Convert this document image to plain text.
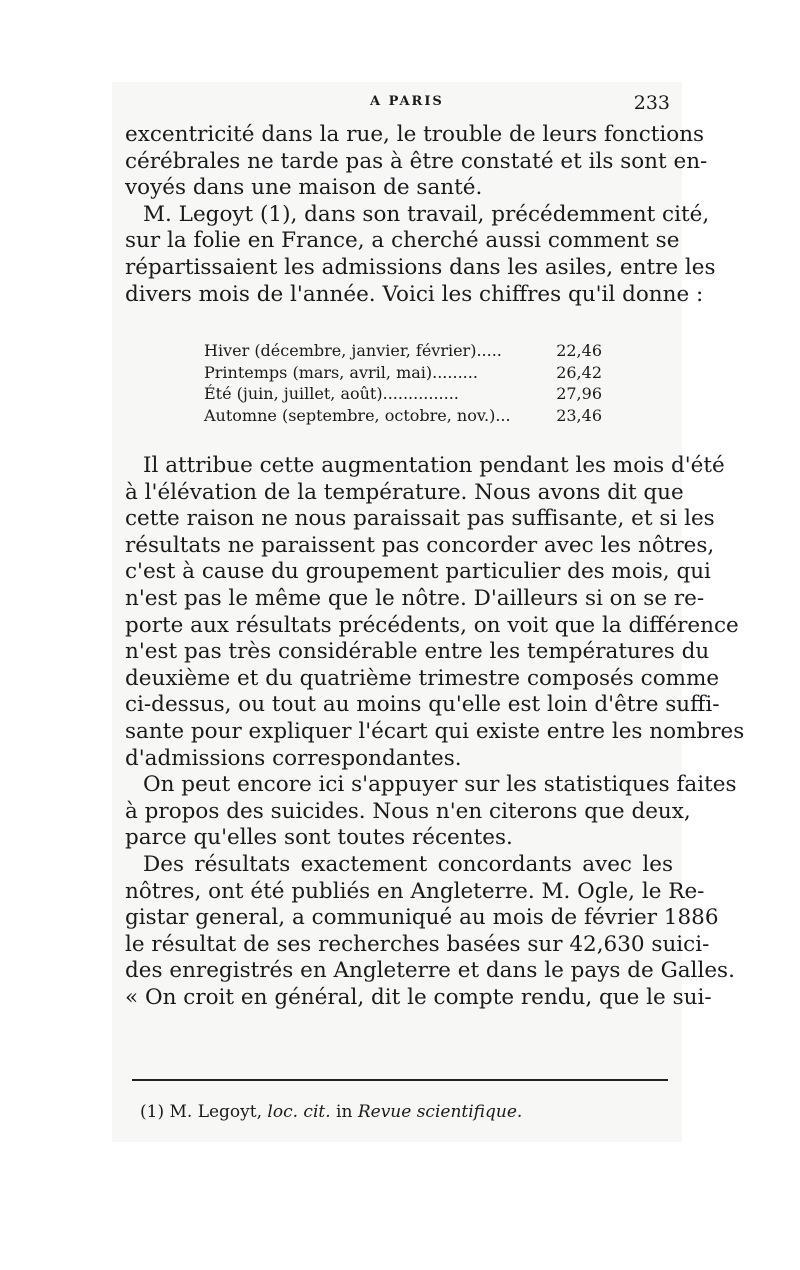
A PARIS	233
excentricité dans la rue, le trouble de leurs fonctions
cérébrales ne tarde pas à être constaté et ils sont en-
voyés dans une maison de santé.
M. Legoyt (1), dans son travail, précédemment cité,
sur la folie en France, a cherché aussi comment se
répartissaient les admissions dans les asiles, entre les
divers mois de l'année. Voici les chiffres qu'il donne :
Hiver (décembre, janvier, février).....	22,46
Printemps (mars, avril, mai).........	26,42
Été (juin, juillet, août)...............	27,96
Automne (septembre, octobre, nov.)...	23,46
Il attribue cette augmentation pendant les mois d'été
à l'élévation de la température. Nous avons dit que
cette raison ne nous paraissait pas suffisante, et si les
résultats ne paraissent pas concorder avec les nôtres,
c'est à cause du groupement particulier des mois, qui
n'est pas le même que le nôtre. D'ailleurs si on se re-
porte aux résultats précédents, on voit que la différence
n'est pas très considérable entre les températures du
deuxième et du quatrième trimestre composés comme
ci-dessus, ou tout au moins qu'elle est loin d'être suffi-
sante pour expliquer l'écart qui existe entre les nombres
d'admissions correspondantes.
On peut encore ici s'appuyer sur les statistiques faites
à propos des suicides. Nous n'en citerons que deux,
parce qu'elles sont toutes récentes.
Des résultats exactement concordants avec les
nôtres, ont été publiés en Angleterre. M. Ogle, le Re-
gistar general, a communiqué au mois de février 1886
le résultat de ses recherches basées sur 42,630 suici-
des enregistrés en Angleterre et dans le pays de Galles.
« On croit en général, dit le compte rendu, que le sui-
(1) M. Legoyt, loc. cit. in Revue scientifique.
